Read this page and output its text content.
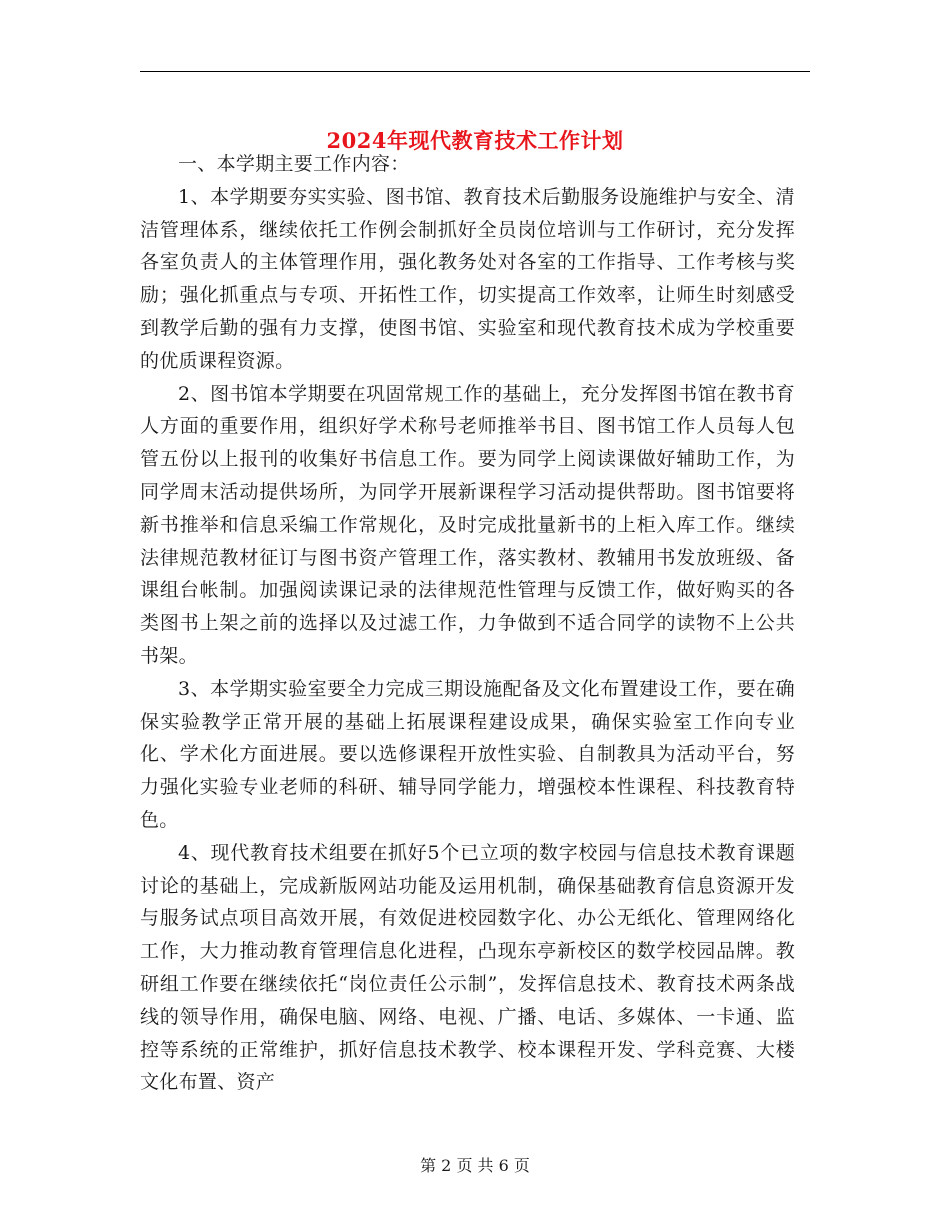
2024年现代教育技术工作计划

一、本学期主要工作内容：

1、本学期要夯实实验、图书馆、教育技术后勤服务设施维护与安全、清洁管理体系，继续依托工作例会制抓好全员岗位培训与工作研讨，充分发挥各室负责人的主体管理作用，强化教务处对各室的工作指导、工作考核与奖励；强化抓重点与专项、开拓性工作，切实提高工作效率，让师生时刻感受到教学后勤的强有力支撑，使图书馆、实验室和现代教育技术成为学校重要的优质课程资源。

2、图书馆本学期要在巩固常规工作的基础上，充分发挥图书馆在教书育人方面的重要作用，组织好学术称号老师推举书目、图书馆工作人员每人包管五份以上报刊的收集好书信息工作。要为同学上阅读课做好辅助工作，为同学周末活动提供场所，为同学开展新课程学习活动提供帮助。图书馆要将新书推举和信息采编工作常规化，及时完成批量新书的上柜入库工作。继续法律规范教材征订与图书资产管理工作，落实教材、教辅用书发放班级、备课组台帐制。加强阅读课记录的法律规范性管理与反馈工作，做好购买的各类图书上架之前的选择以及过滤工作，力争做到不适合同学的读物不上公共书架。

3、本学期实验室要全力完成三期设施配备及文化布置建设工作，要在确保实验教学正常开展的基础上拓展课程建设成果，确保实验室工作向专业化、学术化方面进展。要以选修课程开放性实验、自制教具为活动平台，努力强化实验专业老师的科研、辅导同学能力，增强校本性课程、科技教育特色。

4、现代教育技术组要在抓好5个已立项的数字校园与信息技术教育课题讨论的基础上，完成新版网站功能及运用机制，确保基础教育信息资源开发与服务试点项目高效开展，有效促进校园数字化、办公无纸化、管理网络化工作，大力推动教育管理信息化进程，凸现东亭新校区的数学校园品牌。教研组工作要在继续依托“岗位责任公示制”，发挥信息技术、教育技术两条战线的领导作用，确保电脑、网络、电视、广播、电话、多媒体、一卡通、监控等系统的正常维护，抓好信息技术教学、校本课程开发、学科竞赛、大楼文化布置、资产

第 2 页 共 6 页
